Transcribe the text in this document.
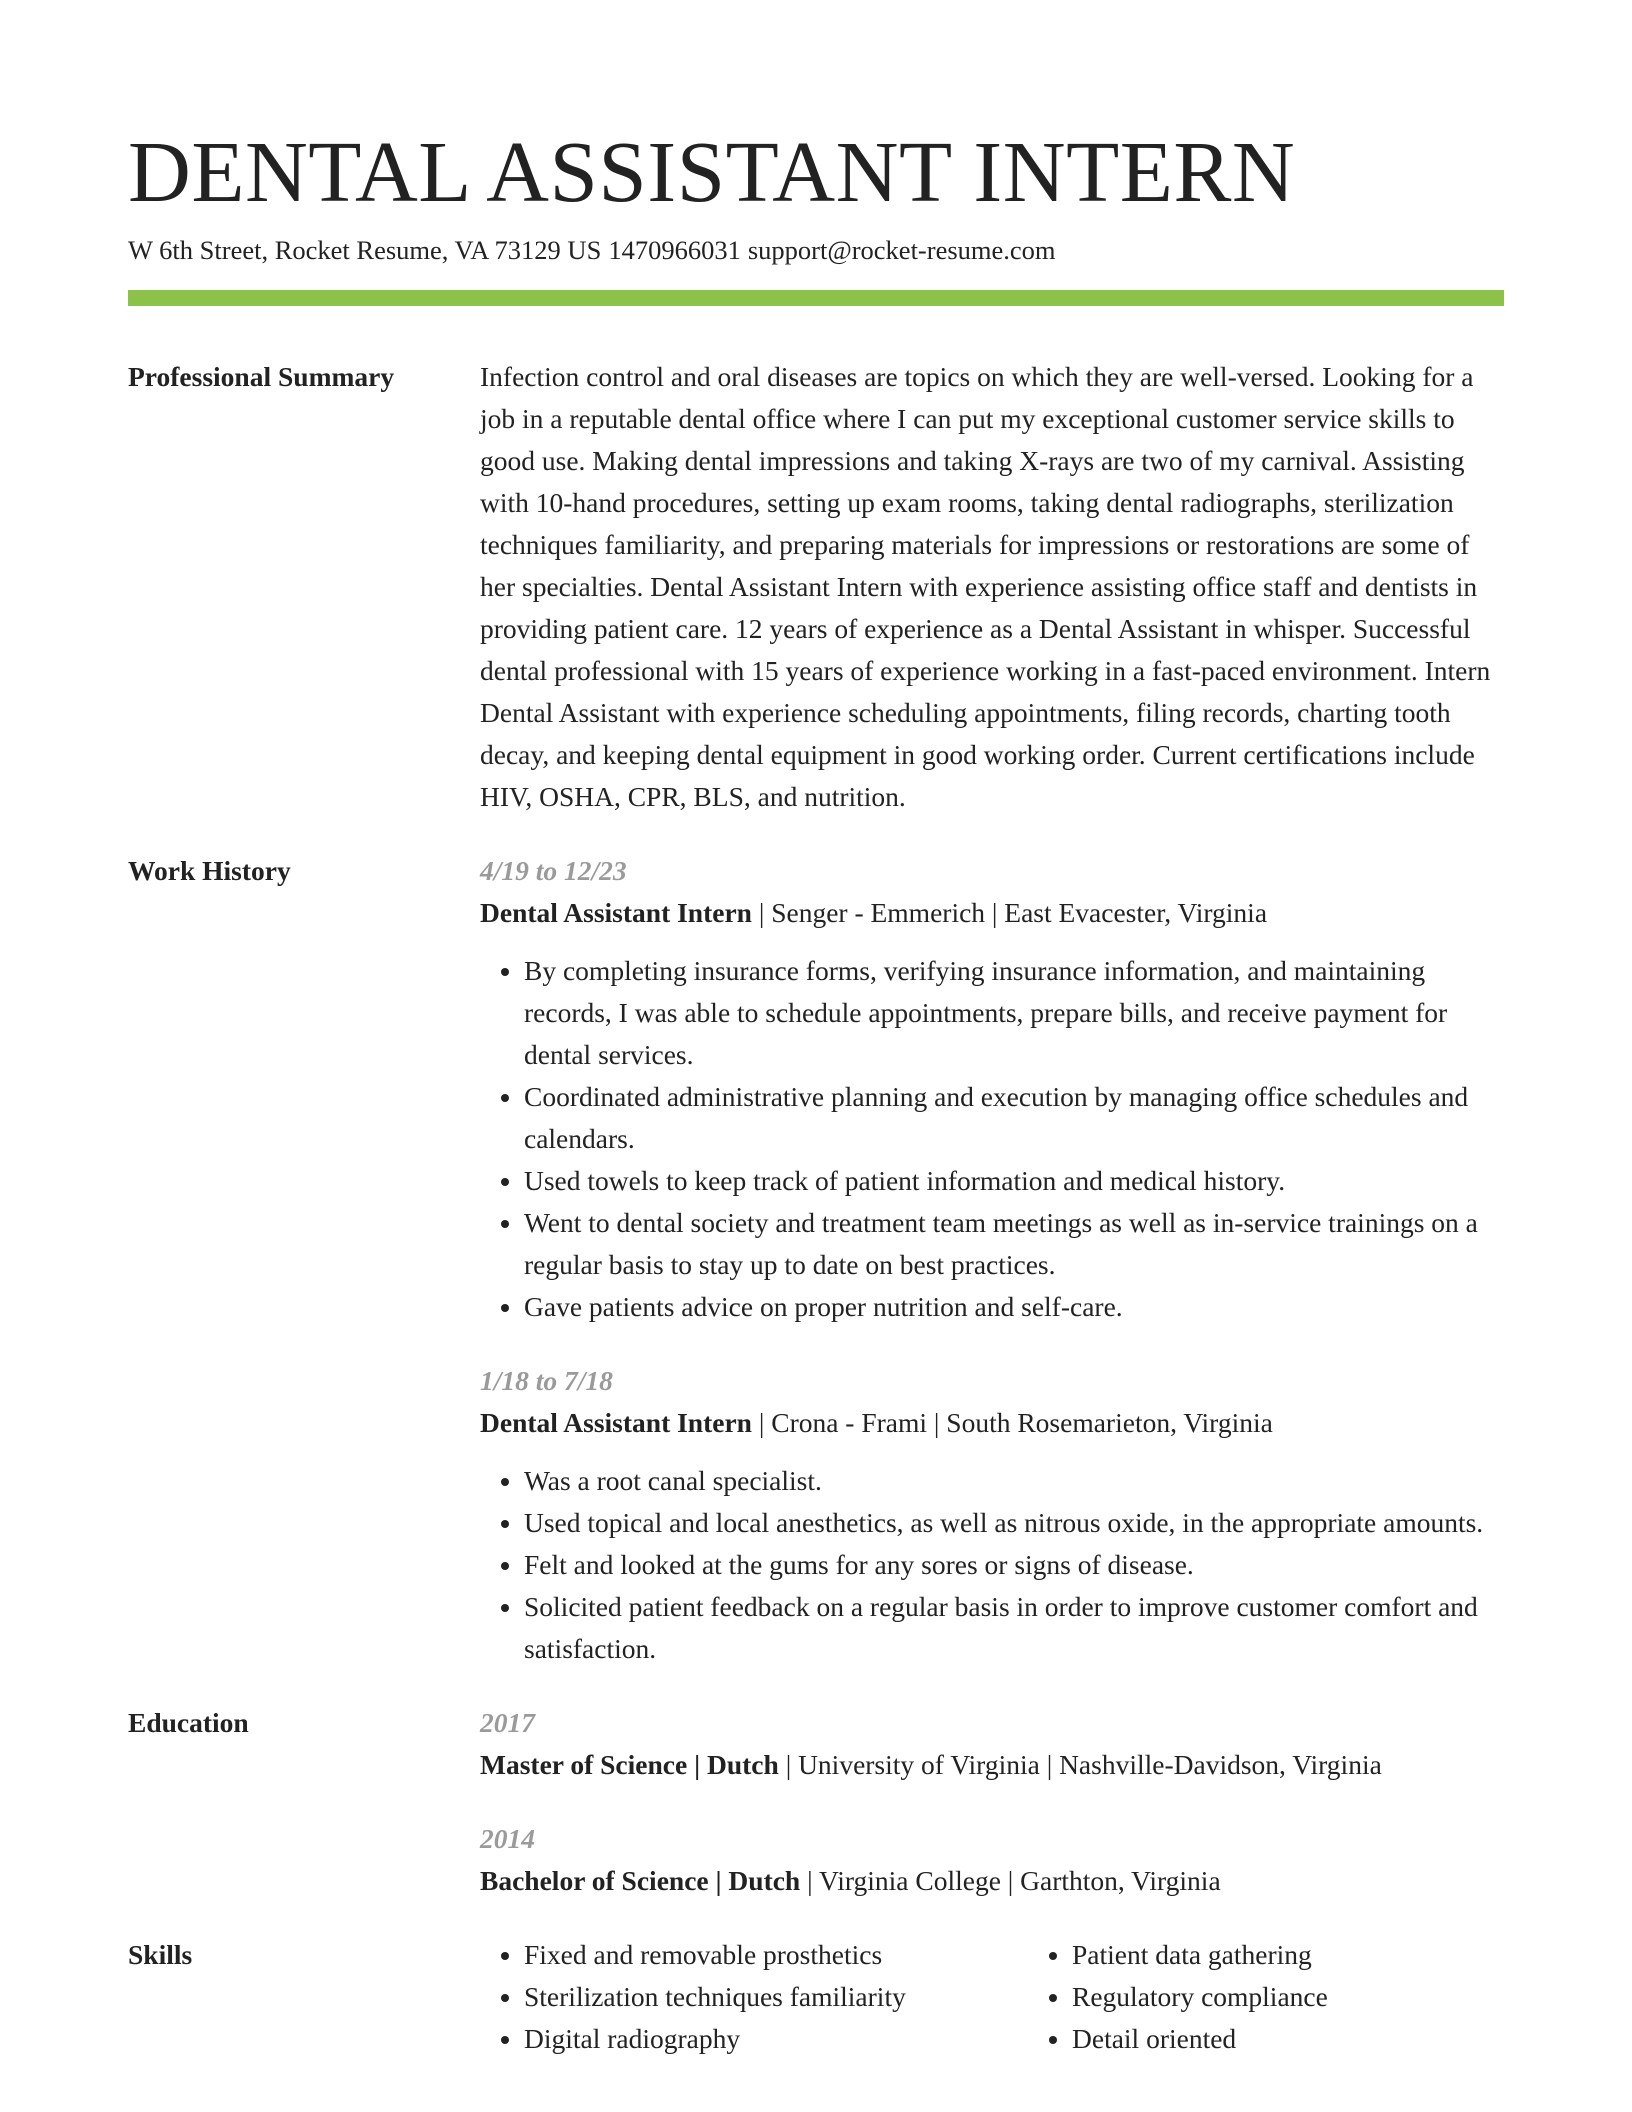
DENTAL ASSISTANT INTERN
W 6th Street, Rocket Resume, VA 73129 US 1470966031 support@rocket-resume.com
Professional Summary	Infection control and oral diseases are topics on which they are well-versed. Looking for a job in a reputable dental office where I can put my exceptional customer service skills to good use. Making dental impressions and taking X-rays are two of my carnival. Assisting with 10-hand procedures, setting up exam rooms, taking dental radiographs, sterilization techniques familiarity, and preparing materials for impressions or restorations are some of her specialties. Dental Assistant Intern with experience assisting office staff and dentists in providing patient care. 12 years of experience as a Dental Assistant in whisper. Successful dental professional with 15 years of experience working in a fast-paced environment. Intern Dental Assistant with experience scheduling appointments, filing records, charting tooth decay, and keeping dental equipment in good working order. Current certifications include HIV, OSHA, CPR, BLS, and nutrition.

Work History	4/19 to 12/23
Dental Assistant Intern | Senger - Emmerich | East Evacester, Virginia
• By completing insurance forms, verifying insurance information, and maintaining records, I was able to schedule appointments, prepare bills, and receive payment for dental services.
• Coordinated administrative planning and execution by managing office schedules and calendars.
• Used towels to keep track of patient information and medical history.
• Went to dental society and treatment team meetings as well as in-service trainings on a regular basis to stay up to date on best practices.
• Gave patients advice on proper nutrition and self-care.
1/18 to 7/18
Dental Assistant Intern | Crona - Frami | South Rosemarieton, Virginia
• Was a root canal specialist.
• Used topical and local anesthetics, as well as nitrous oxide, in the appropriate amounts.
• Felt and looked at the gums for any sores or signs of disease.
• Solicited patient feedback on a regular basis in order to improve customer comfort and satisfaction.
Education	2017
Master of Science | Dutch | University of Virginia | Nashville-Davidson, Virginia
2014
Bachelor of Science | Dutch | Virginia College | Garthton, Virginia
Skills
•	Fixed and removable prosthetics
• Sterilization techniques familiarity
• Digital radiography
• Patient data gathering
• Regulatory compliance
• Detail oriented
